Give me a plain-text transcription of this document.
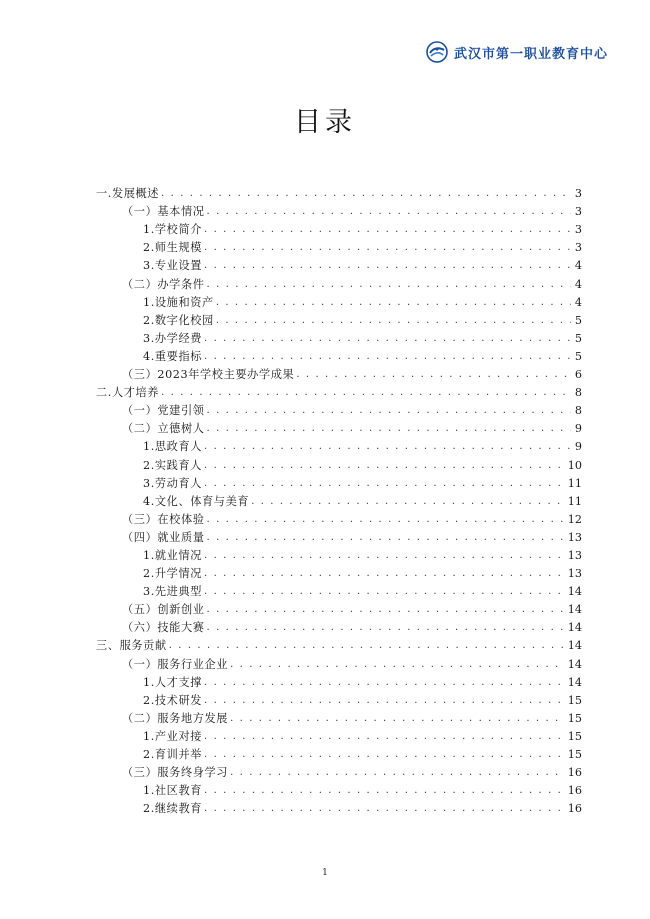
武汉市第一职业教育中心
目录
一.发展概述 . . .	3
（一）基本情况 . . .	3
1.学校简介 . . .	3
2.师生规模 . . .	3
3.专业设置 . . .	4
（二）办学条件 . . .	4
1.设施和资产 . . .	4
2.数字化校园 . . .	5
3.办学经费 . . .	5
4.重要指标 . . .	5
（三）2023年学校主要办学成果 . . .	6
二.人才培养 . . .	8
（一）党建引领 . . .	8
（二）立德树人 . . .	9
1.思政育人 . . .	9
2.实践育人 . . .	10
3.劳动育人 . . .	11
4.文化、体育与美育 . . .	11
（三）在校体验 . . .	12
（四）就业质量 . . .	13
1.就业情况 . . .	13
2.升学情况 . . .	13
3.先进典型 . . .	14
（五）创新创业 . . .	14
（六）技能大赛 . . .	14
三、服务贡献 . . .	14
（一）服务行业企业 . . .	14
1.人才支撑 . . .	14
2.技术研发 . . .	15
（二）服务地方发展 . . .	15
1.产业对接 . . .	15
2.育训并举 . . .	15
（三）服务终身学习 . . .	16
1.社区教育 . . .	16
2.继续教育 . . .	16
1
